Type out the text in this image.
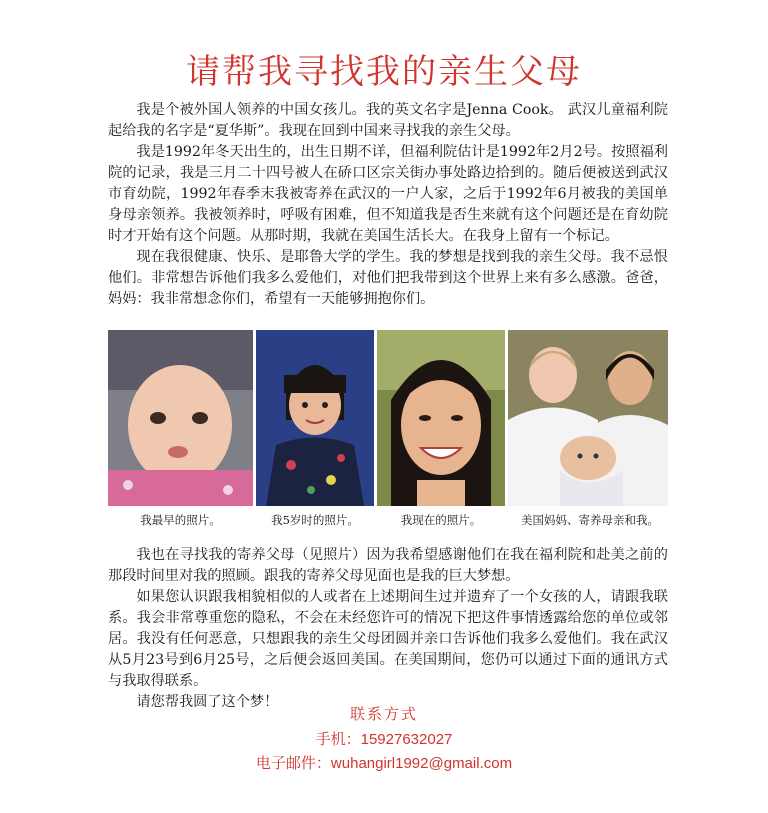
请帮我寻找我的亲生父母

我是个被外国人领养的中国女孩儿。我的英文名字是Jenna Cook。 武汉儿童福利院起给我的名字是“夏华斯”。我现在回到中国来寻找我的亲生父母。

我是1992年冬天出生的，出生日期不详，但福利院估计是1992年2月2号。按照福利院的记录，我是三月二十四号被人在硚口区宗关街办事处路边拾到的。随后便被送到武汉市育幼院，1992年春季末我被寄养在武汉的一户人家，之后于1992年6月被我的美国单身母亲领养。我被领养时，呼吸有困难，但不知道我是否生来就有这个问题还是在育幼院时才开始有这个问题。从那时期，我就在美国生活长大。在我身上留有一个标记。

现在我很健康、快乐、是耶鲁大学的学生。我的梦想是找到我的亲生父母。我不忌恨他们。非常想告诉他们我多么爱他们，对他们把我带到这个世界上来有多么感激。爸爸，妈妈：我非常想念你们，希望有一天能够拥抱你们。

我最早的照片。	我5岁时的照片。	我现在的照片。	美国妈妈、寄养母亲和我。

我也在寻找我的寄养父母（见照片）因为我希望感谢他们在我在福利院和赴美之前的那段时间里对我的照顾。跟我的寄养父母见面也是我的巨大梦想。

如果您认识跟我相貌相似的人或者在上述期间生过并遗弃了一个女孩的人，请跟我联系。我会非常尊重您的隐私，不会在未经您许可的情况下把这件事情透露给您的单位或邻居。我没有任何恶意，只想跟我的亲生父母团圆并亲口告诉他们我多么爱他们。我在武汉从5月23号到6月25号，之后便会返回美国。在美国期间，您仍可以通过下面的通讯方式与我取得联系。

请您帮我圆了这个梦！

联系方式
手机：15927632027
电子邮件：wuhangirl1992@gmail.com
